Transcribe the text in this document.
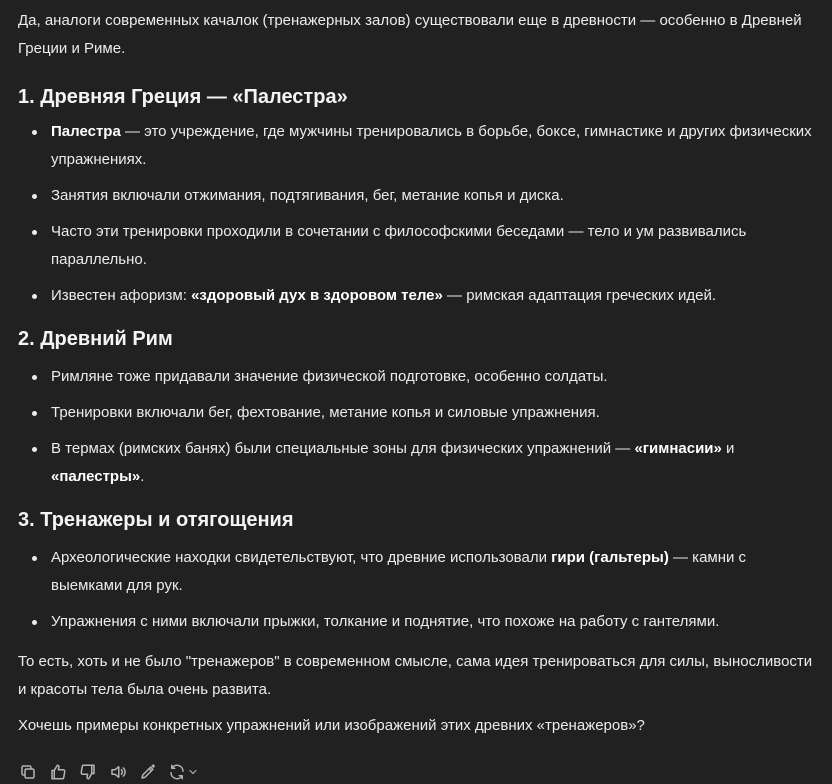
Да, аналоги современных качалок (тренажерных залов) существовали еще в древности — особенно в Древней Греции и Риме.

1. Древняя Греция — «Палестра»
Палестра — это учреждение, где мужчины тренировались в борьбе, боксе, гимнастике и других физических упражнениях.
Занятия включали отжимания, подтягивания, бег, метание копья и диска.
Часто эти тренировки проходили в сочетании с философскими беседами — тело и ум развивались параллельно.
Известен афоризм: «здоровый дух в здоровом теле» — римская адаптация греческих идей.
2. Древний Рим
Римляне тоже придавали значение физической подготовке, особенно солдаты.
Тренировки включали бег, фехтование, метание копья и силовые упражнения.
В термах (римских банях) были специальные зоны для физических упражнений — «гимнасии» и «палестры».
3. Тренажеры и отягощения
Археологические находки свидетельствуют, что древние использовали гири (гальтеры) — камни с выемками для рук.
Упражнения с ними включали прыжки, толкание и поднятие, что похоже на работу с гантелями.

То есть, хоть и не было "тренажеров" в современном смысле, сама идея тренироваться для силы, выносливости и красоты тела была очень развита.

Хочешь примеры конкретных упражнений или изображений этих древних «тренажеров»?
